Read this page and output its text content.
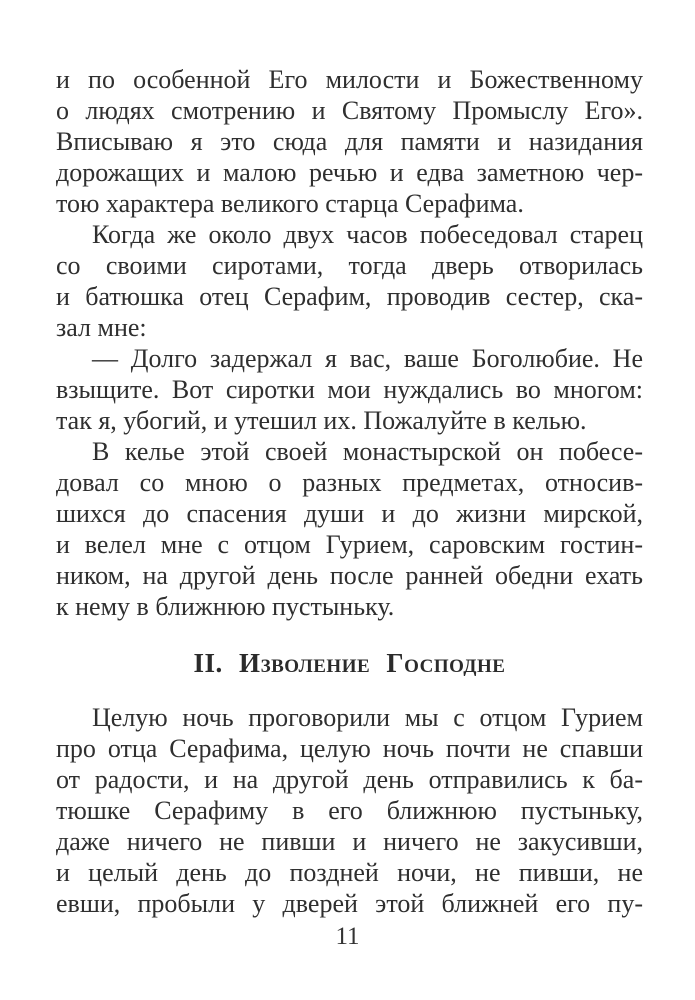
и по особенной Его милости и Божественному
о людях смотрению и Святому Промыслу Его».
Вписываю я это сюда для памяти и назидания
дорожащих и малою речью и едва заметною чер-
тою характера великого старца Серафима.
Когда же около двух часов побеседовал старец
со своими сиротами, тогда дверь отворилась
и батюшка отец Серафим, проводив сестер, ска-
зал мне:
— Долго задержал я вас, ваше Боголюбие. Не
взыщите. Вот сиротки мои нуждались во многом:
так я, убогий, и утешил их. Пожалуйте в келью.
В келье этой своей монастырской он побесе-
довал со мною о разных предметах, относив-
шихся до спасения души и до жизни мирской,
и велел мне с отцом Гурием, саровским гостин-
ником, на другой день после ранней обедни ехать
к нему в ближнюю пустыньку.
II. Изволение Господне
Целую ночь проговорили мы с отцом Гурием
про отца Серафима, целую ночь почти не спавши
от радости, и на другой день отправились к ба-
тюшке Серафиму в его ближнюю пустыньку,
даже ничего не пивши и ничего не закусивши,
и целый день до поздней ночи, не пивши, не
евши, пробыли у дверей этой ближней его пу-
11
